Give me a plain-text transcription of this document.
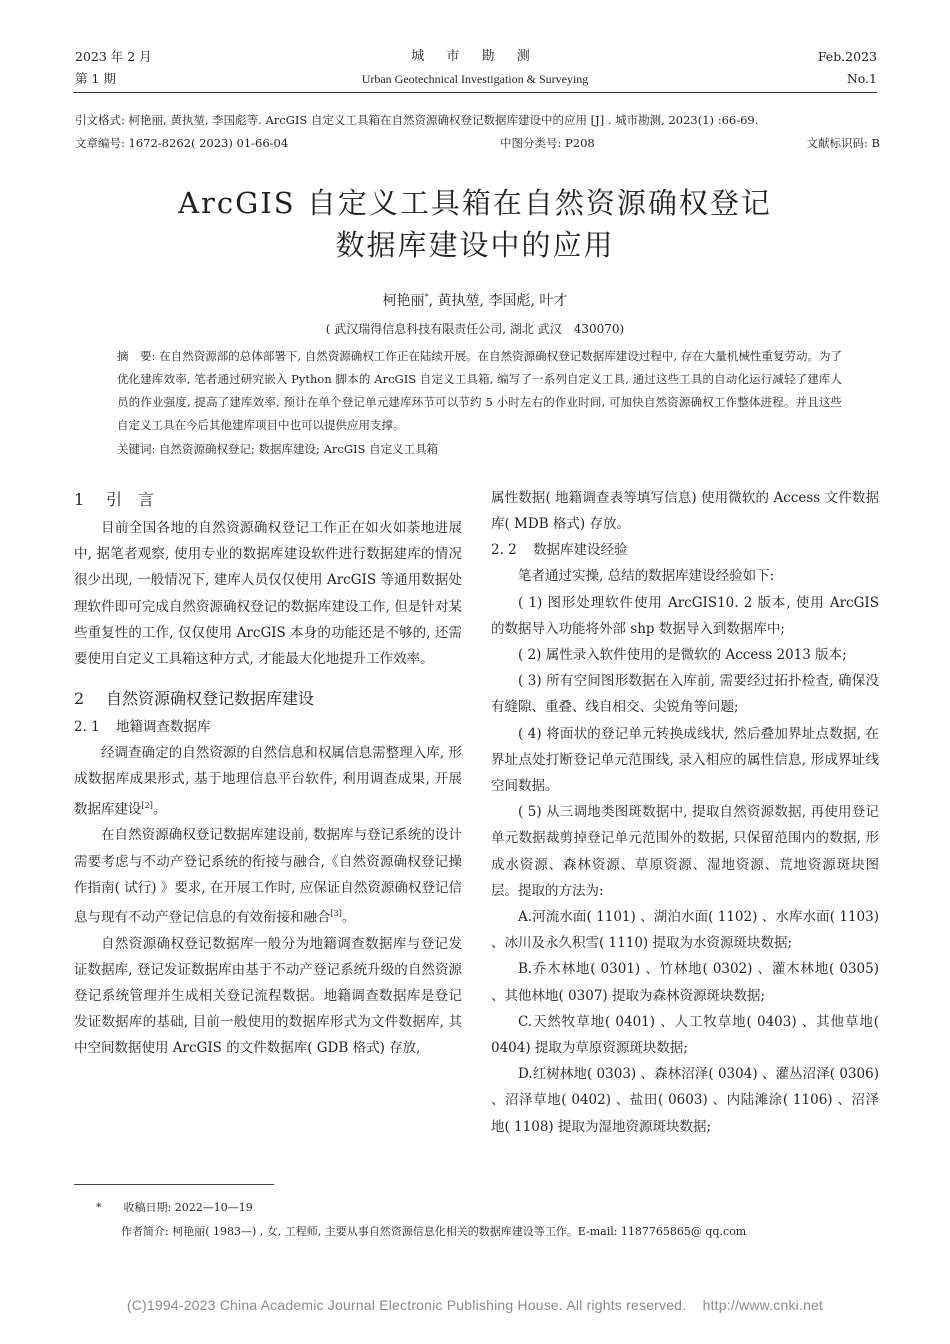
2023 年 2 月
第 1 期
城 市 勘 测
Urban Geotechnical Investigation & Surveying
Feb.2023
No.1
引文格式: 柯艳丽, 黄执堃, 李国彪等. ArcGIS 自定义工具箱在自然资源确权登记数据库建设中的应用 [J] . 城市勘测, 2023(1) :66-69.
文章编号: 1672-8262( 2023) 01-66-04	中图分类号: P208	文献标识码: B
ArcGIS 自定义工具箱在自然资源确权登记
数据库建设中的应用
柯艳丽*, 黄执堃, 李国彪, 叶才
( 武汉瑞得信息科技有限责任公司, 湖北 武汉　430070)
摘　要: 在自然资源部的总体部署下, 自然资源确权工作正在陆续开展。在自然资源确权登记数据库建设过程中, 存在大量机械性重复劳动。为了优化建库效率, 笔者通过研究嵌入 Python 脚本的 ArcGIS 自定义工具箱, 编写了一系列自定义工具, 通过这些工具的自动化运行减轻了建库人员的作业强度, 提高了建库效率, 预计在单个登记单元建库环节可以节约 5 小时左右的作业时间, 可加快自然资源确权工作整体进程。并且这些自定义工具在今后其他建库项目中也可以提供应用支撑。
关键词: 自然资源确权登记; 数据库建设; ArcGIS 自定义工具箱

1 引　言

目前全国各地的自然资源确权登记工作正在如火如荼地进展中, 据笔者观察, 使用专业的数据库建设软件进行数据建库的情况很少出现, 一般情况下, 建库人员仅仅使用 ArcGIS 等通用数据处理软件即可完成自然资源确权登记的数据库建设工作, 但是针对某些重复性的工作, 仅仅使用 ArcGIS 本身的功能还是不够的, 还需要使用自定义工具箱这种方式, 才能最大化地提升工作效率。

2 自然资源确权登记数据库建设

2. 1 地籍调查数据库

经调查确定的自然资源的自然信息和权属信息需整理入库, 形成数据库成果形式, 基于地理信息平台软件, 利用调查成果, 开展数据库建设[2]。

在自然资源确权登记数据库建设前, 数据库与登记系统的设计需要考虑与不动产登记系统的衔接与融合,《自然资源确权登记操作指南( 试行) 》要求, 在开展工作时, 应保证自然资源确权登记信息与现有不动产登记信息的有效衔接和融合[3]。

自然资源确权登记数据库一般分为地籍调查数据库与登记发证数据库, 登记发证数据库由基于不动产登记系统升级的自然资源登记系统管理并生成相关登记流程数据。地籍调查数据库是登记发证数据库的基础, 目前一般使用的数据库形式为文件数据库, 其中空间数据使用 ArcGIS 的文件数据库( GDB 格式) 存放,

属性数据( 地籍调查表等填写信息) 使用微软的 Access 文件数据库( MDB 格式) 存放。

2. 2 数据库建设经验

笔者通过实操, 总结的数据库建设经验如下:

( 1) 图形处理软件使用 ArcGIS10. 2 版本, 使用 ArcGIS 的数据导入功能将外部 shp 数据导入到数据库中;

( 2) 属性录入软件使用的是微软的 Access 2013 版本;

( 3) 所有空间图形数据在入库前, 需要经过拓扑检查, 确保没有缝隙、重叠、线自相交、尖锐角等问题;

( 4) 将面状的登记单元转换成线状, 然后叠加界址点数据, 在界址点处打断登记单元范围线, 录入相应的属性信息, 形成界址线空间数据。

( 5) 从三调地类图斑数据中, 提取自然资源数据, 再使用登记单元数据裁剪掉登记单元范围外的数据, 只保留范围内的数据, 形成水资源、森林资源、草原资源、湿地资源、荒地资源斑块图层。提取的方法为:

A.河流水面( 1101) 、湖泊水面( 1102) 、水库水面( 1103) 、冰川及永久积雪( 1110) 提取为水资源斑块数据;

B.乔木林地( 0301) 、竹林地( 0302) 、灌木林地( 0305) 、其他林地( 0307) 提取为森林资源斑块数据;

C.天然牧草地( 0401) 、人工牧草地( 0403) 、其他草地( 0404) 提取为草原资源斑块数据;

D.红树林地( 0303) 、森林沼泽( 0304) 、灌丛沼泽( 0306) 、沼泽草地( 0402) 、盐田( 0603) 、内陆滩涂( 1106) 、沼泽地( 1108) 提取为湿地资源斑块数据;

*　　 收稿日期: 2022—10—19
作者简介: 柯艳丽( 1983—) , 女, 工程师, 主要从事自然资源信息化相关的数据库建设等工作。E-mail: 1187765865@ qq.com
(C)1994-2023 China Academic Journal Electronic Publishing House. All rights reserved.    http://www.cnki.net
